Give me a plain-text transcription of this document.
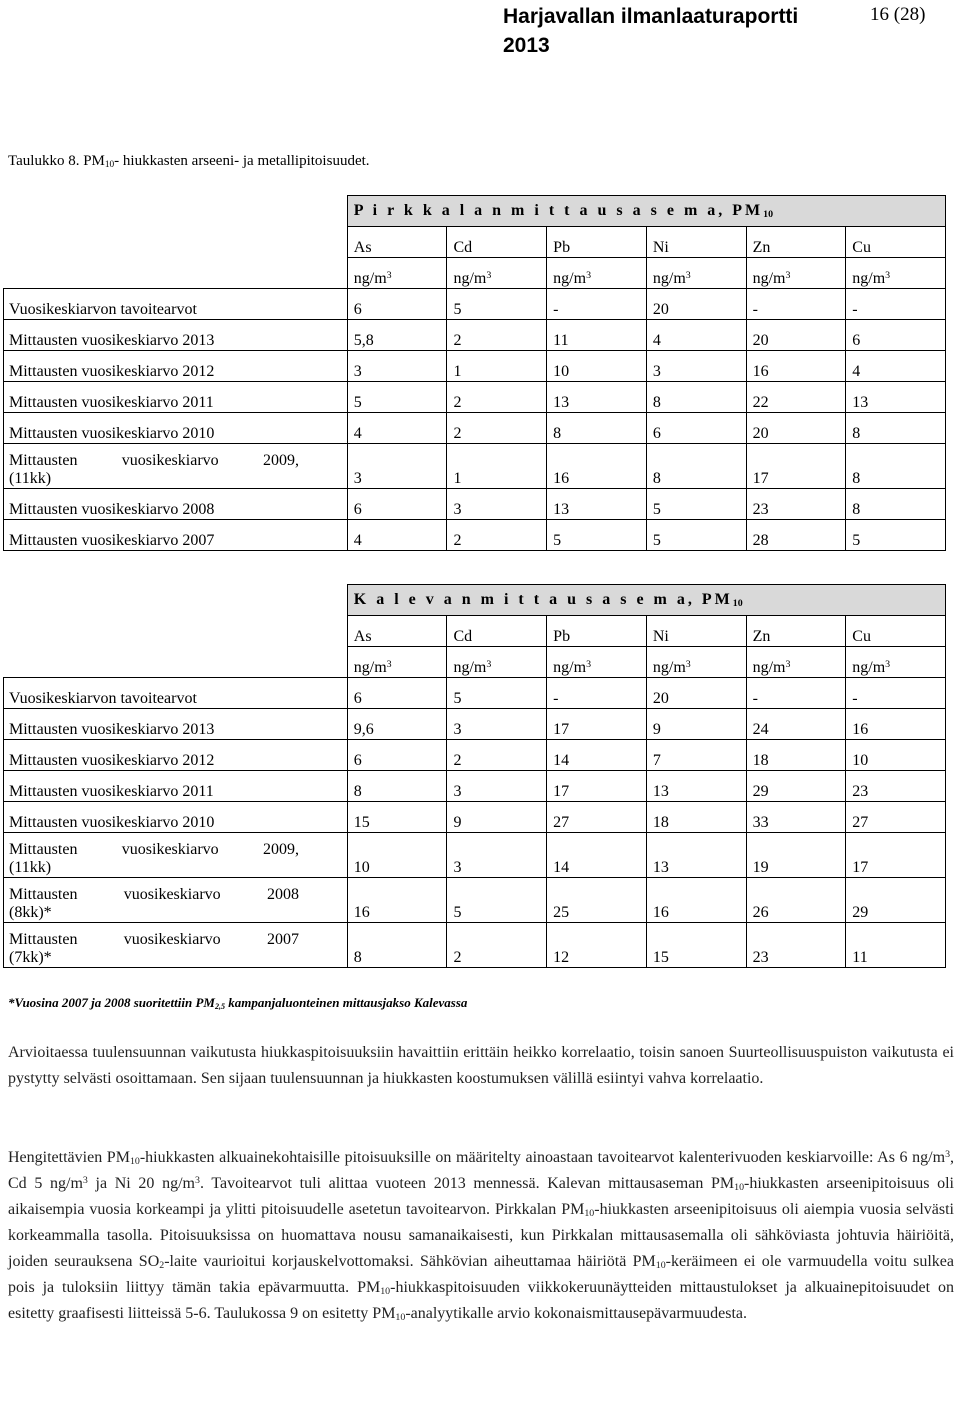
Harjavallan ilmanlaaturaportti
2013
16 (28)
Taulukko 8. $PM_{10}-$ hiukkasten arseeni- ja metallipitoisuudet.
	P i r k k a l a n m i t t a u s a s e m a, $PM_{10}$	
	As	Cd	Pb	Ni	Zn	Cu
	$ng/m^3$	$ng/m^3$	$ng/m^3$	$ng/m^3$	$ng/m^3$	$ng/m^3$
Vuosikeskiarvon tavoitearvot	6	5	-	20	-	-
Mittausten vuosikeskiarvo 2013	5,8	2	11	4	20	6
Mittausten vuosikeskiarvo 2012	3	1	10	3	16	4
Mittausten vuosikeskiarvo 2011	5	2	13	8	22	13
Mittausten vuosikeskiarvo 2010	4	2	8	6	20	8

Mittausten vuosikeskiarvo 2009,
(11kk)	3	1	16	8	17	8
Mittausten vuosikeskiarvo 2008	6	3	13	5	23	8
Mittausten vuosikeskiarvo 2007	4	2	5	5	28	5
	K a l e v a n m i t t a u s a s e m a, $PM_{10}$	
	As	Cd	Pb	Ni	Zn	Cu
	$ng/m^3$	$ng/m^3$	$ng/m^3$	$ng/m^3$	$ng/m^3$	$ng/m^3$
Vuosikeskiarvon tavoitearvot	6	5	-	20	-	-
Mittausten vuosikeskiarvo 2013	9,6	3	17	9	24	16
Mittausten vuosikeskiarvo 2012	6	2	14	7	18	10
Mittausten vuosikeskiarvo 2011	8	3	17	13	29	23
Mittausten vuosikeskiarvo 2010	15	9	27	18	33	27

Mittausten vuosikeskiarvo 2009,
(11kk)	10	3	14	13	19	17

Mittausten vuosikeskiarvo 2008
(8kk)*	16	5	25	16	26	29

Mittausten vuosikeskiarvo 2007
(7kk)*	8	2	12	15	23	11
*Vuosina 2007 ja 2008 suoritettiin $PM_{2,5}$ kampanjaluonteinen mittausjakso Kalevassa
Arvioitaessa tuulensuunnan vaikutusta hiukkaspitoisuuksiin havaittiin erittäin heikko korrelaatio, toisin sanoen Suurteollisuuspuiston vaikutusta ei pystytty selvästi osoittamaan. Sen sijaan tuulensuunnan ja hiukkasten koostumuksen välillä esiintyi vahva korrelaatio.
Hengitettävien $PM_{10}$-hiukkasten alkuainekohtaisille pitoisuuksille on määritelty ainoastaan tavoitearvot kalenterivuoden keskiarvoille: As 6 $ng/m^3$, Cd 5 $ng/m^3$ ja Ni 20 $ng/m^3$. Tavoitearvot tuli alittaa vuoteen 2013 mennessä. Kalevan mittausaseman $PM_{10}$-hiukkasten arseenipitoisuus oli aikaisempia vuosia korkeampi ja ylitti pitoisuudelle asetetun tavoitearvon. Pirkkalan $PM_{10}$-hiukkasten arseenipitoisuus oli aiempia vuosia selvästi korkeammalla tasolla. Pitoisuuksissa on huomattava nousu samanaikaisesti, kun Pirkkalan mittausasemalla oli sähköviasta johtuvia häiriöitä, joiden seurauksena $SO_2$-laite vaurioitui korjauskelvottomaksi. Sähkövian aiheuttamaa häiriötä $PM_{10}$-keräimeen ei ole varmuudella voitu sulkea pois ja tuloksiin liittyy tämän takia epävarmuutta. $PM_{10}$-hiukkaspitoisuuden viikkokeruunäytteiden mittaustulokset ja alkuainepitoisuudet on esitetty graafisesti liitteissä 5-6. Taulukossa 9 on esitetty $PM_{10}$-analyytikalle arvio kokonaismittausepävarmuudesta.
